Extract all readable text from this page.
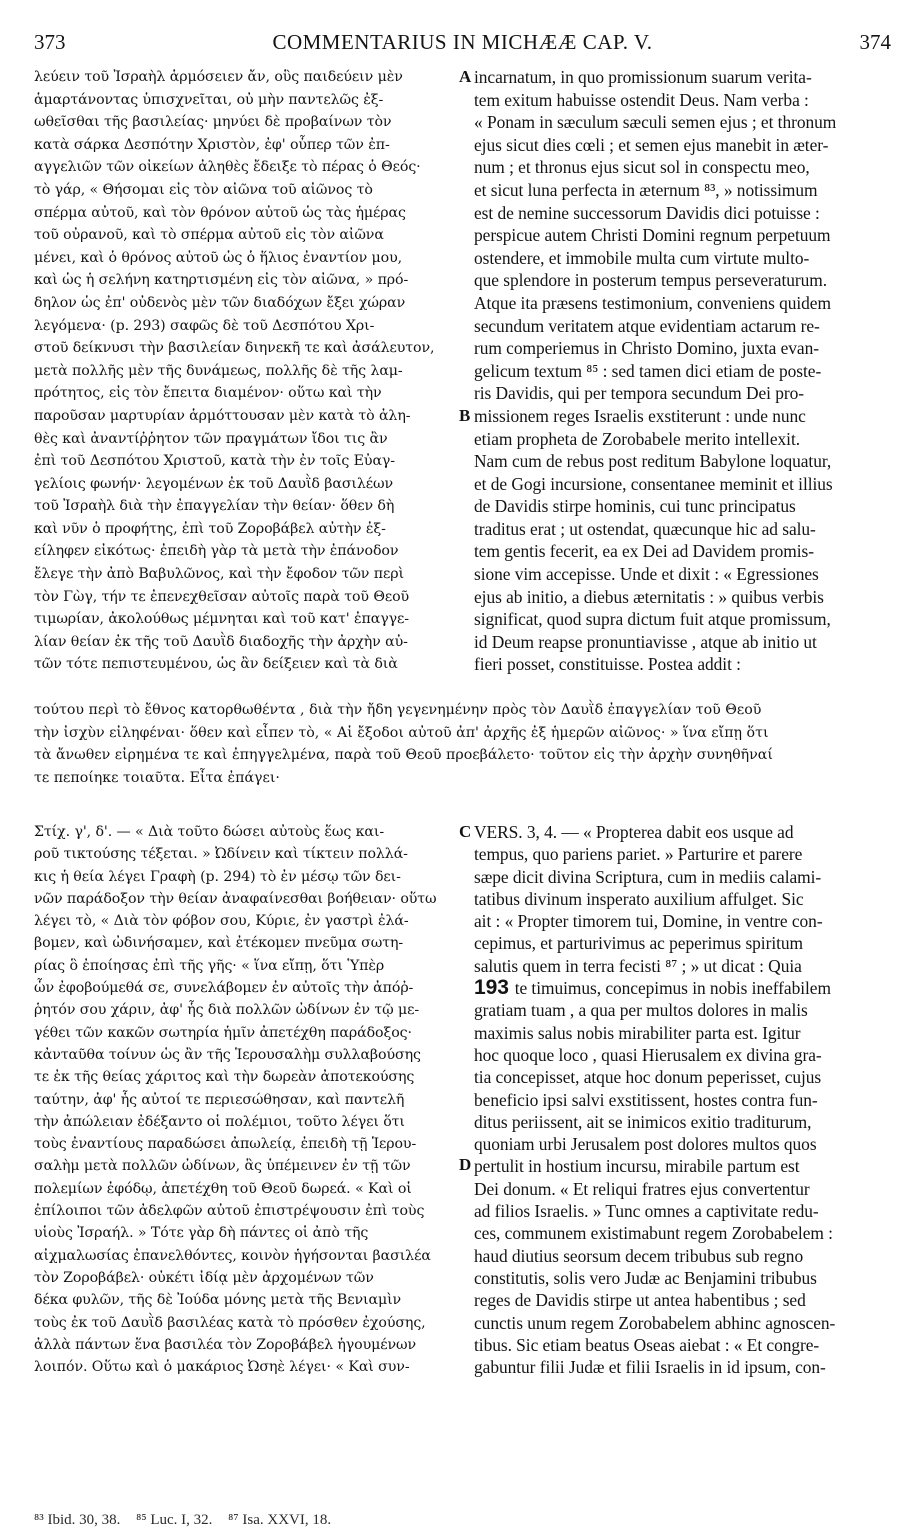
373	COMMENTARIUS IN MICHÆÆ CAP. V.	374
λεύειν τοῦ Ἰσραὴλ ἁρμόσειεν ἄν, οὓς παιδεύειν μὲν
ἁμαρτάνοντας ὑπισχνεῖται, οὐ μὴν παντελῶς ἐξ-
ωθεῖσθαι τῆς βασιλείας· μηνύει δὲ προβαίνων τὸν
κατὰ σάρκα Δεσπότην Χριστὸν, ἐφ' οὗπερ τῶν ἐπ-
αγγελιῶν τῶν οἰκείων ἀληθὲς ἔδειξε τὸ πέρας ὁ Θεός·
τὸ γάρ, « Θήσομαι εἰς τὸν αἰῶνα τοῦ αἰῶνος τὸ
σπέρμα αὐτοῦ, καὶ τὸν θρόνον αὐτοῦ ὡς τὰς ἡμέρας
τοῦ οὐρανοῦ, καὶ τὸ σπέρμα αὐτοῦ εἰς τὸν αἰῶνα
μένει, καὶ ὁ θρόνος αὐτοῦ ὡς ὁ ἥλιος ἐναντίον μου,
καὶ ὡς ἡ σελήνη κατηρτισμένη εἰς τὸν αἰῶνα, » πρό-
δηλον ὡς ἐπ' οὐδενὸς μὲν τῶν διαδόχων ἔξει χώραν
λεγόμενα· (p. 293) σαφῶς δὲ τοῦ Δεσπότου Χρι-
στοῦ δείκνυσι τὴν βασιλείαν διηνεκῆ τε καὶ ἀσάλευτον,
μετὰ πολλῆς μὲν τῆς δυνάμεως, πολλῆς δὲ τῆς λαμ-
πρότητος, εἰς τὸν ἔπειτα διαμένον· οὕτω καὶ τὴν
παροῦσαν μαρτυρίαν ἁρμόττουσαν μὲν κατὰ τὸ ἀλη-
θὲς καὶ ἀναντίῤῥητον τῶν πραγμάτων ἴδοι τις ἂν
ἐπὶ τοῦ Δεσπότου Χριστοῦ, κατὰ τὴν ἐν τοῖς Εὐαγ-
γελίοις φωνήν· λεγομένων ἐκ τοῦ Δαυῒδ βασιλέων
τοῦ Ἰσραὴλ διὰ τὴν ἐπαγγελίαν τὴν θείαν· ὅθεν δὴ
καὶ νῦν ὁ προφήτης, ἐπὶ τοῦ Ζοροβάβελ αὐτὴν ἐξ-
είληφεν εἰκότως· ἐπειδὴ γὰρ τὰ μετὰ τὴν ἐπάνοδον
ἔλεγε τὴν ἀπὸ Βαβυλῶνος, καὶ τὴν ἔφοδον τῶν περὶ
τὸν Γὼγ, τήν τε ἐπενεχθεῖσαν αὐτοῖς παρὰ τοῦ Θεοῦ
τιμωρίαν, ἀκολούθως μέμνηται καὶ τοῦ κατ' ἐπαγγε-
λίαν θείαν ἐκ τῆς τοῦ Δαυῒδ διαδοχῆς τὴν ἀρχὴν αὐ-
τῶν τότε πεπιστευμένου, ὡς ἂν δείξειεν καὶ τὰ διὰ
incarnatum, in quo promissionum suarum verita-
tem exitum habuisse ostendit Deus. Nam verba :
« Ponam in sæculum sæculi semen ejus ; et thronum
ejus sicut dies cœli ; et semen ejus manebit in æter-
num ; et thronus ejus sicut sol in conspectu meo,
et sicut luna perfecta in æternum ⁸³, » notissimum
est de nemine successorum Davidis dici potuisse :
perspicue autem Christi Domini regnum perpetuum
ostendere, et immobile multa cum virtute multo-
que splendore in posterum tempus perseveraturum.
Atque ita præsens testimonium, conveniens quidem
secundum veritatem atque evidentiam actarum re-
rum comperiemus in Christo Domino, juxta evan-
gelicum textum ⁸⁵ : sed tamen dici etiam de poste-
ris Davidis, qui per tempora secundum Dei pro-
missionem reges Israelis exstiterunt : unde nunc
etiam propheta de Zorobabele merito intellexit.
Nam cum de rebus post reditum Babylone loquatur,
et de Gogi incursione, consentanee meminit et illius
de Davidis stirpe hominis, cui tunc principatus
traditus erat ; ut ostendat, quæcunque hic ad salu-
tem gentis fecerit, ea ex Dei ad Davidem promis-
sione vim accepisse. Unde et dixit : « Egressiones
ejus ab initio, a diebus æternitatis : » quibus verbis
significat, quod supra dictum fuit atque promissum,
id Deum reapse pronuntiavisse , atque ab initio ut
fieri posset, constituisse. Postea addit :
τούτου περὶ τὸ ἔθνος κατορθωθέντα , διὰ τὴν ἤδη γεγενημένην πρὸς τὸν Δαυῒδ ἐπαγγελίαν τοῦ Θεοῦ
τὴν ἰσχὺν εἰληφέναι· ὅθεν καὶ εἶπεν τὸ, « Αἱ ἔξοδοι αὐτοῦ ἀπ' ἀρχῆς ἐξ ἡμερῶν αἰῶνος· » ἵνα εἴπῃ ὅτι
τὰ ἄνωθεν εἰρημένα τε καὶ ἐπηγγελμένα, παρὰ τοῦ Θεοῦ προεβάλετο· τοῦτον εἰς τὴν ἀρχὴν συνηθῆναί
τε πεποίηκε τοιαῦτα. Εἶτα ἐπάγει·
Στίχ. γ', δ'. — « Διὰ τοῦτο δώσει αὐτοὺς ἕως και-
ροῦ τικτούσης τέξεται. » Ὠδίνειν καὶ τίκτειν πολλά-
κις ἡ θεία λέγει Γραφὴ (p. 294) τὸ ἐν μέσῳ τῶν δει-
νῶν παράδοξον τὴν θείαν ἀναφαίνεσθαι βοήθειαν· οὕτω
λέγει τὸ, « Διὰ τὸν φόβον σου, Κύριε, ἐν γαστρὶ ἐλά-
βομεν, καὶ ὠδινήσαμεν, καὶ ἐτέκομεν πνεῦμα σωτη-
ρίας ὃ ἐποίησας ἐπὶ τῆς γῆς· « ἵνα εἴπῃ, ὅτι Ὑπὲρ
ὧν ἐφοβούμεθά σε, συνελάβομεν ἐν αὐτοῖς τὴν ἀπόῤ-
ῥητόν σου χάριν, ἀφ' ἧς διὰ πολλῶν ὠδίνων ἐν τῷ με-
γέθει τῶν κακῶν σωτηρία ἡμῖν ἀπετέχθη παράδοξος·
κἀνταῦθα τοίνυν ὡς ἂν τῆς Ἱερουσαλὴμ συλλαβούσης
τε ἐκ τῆς θείας χάριτος καὶ τὴν δωρεὰν ἀποτεκούσης
ταύτην, ἀφ' ἧς αὐτοί τε περιεσώθησαν, καὶ παντελῆ
τὴν ἀπώλειαν ἐδέξαντο οἱ πολέμιοι, τοῦτο λέγει ὅτι
τοὺς ἐναντίους παραδώσει ἀπωλείᾳ, ἐπειδὴ τῇ Ἱερου-
σαλὴμ μετὰ πολλῶν ὠδίνων, ἃς ὑπέμεινεν ἐν τῇ τῶν
πολεμίων ἐφόδῳ, ἀπετέχθη τοῦ Θεοῦ δωρεά. « Καὶ οἱ
ἐπίλοιποι τῶν ἀδελφῶν αὐτοῦ ἐπιστρέψουσιν ἐπὶ τοὺς
υἱοὺς Ἰσραήλ. » Τότε γὰρ δὴ πάντες οἱ ἀπὸ τῆς
αἰχμαλωσίας ἐπανελθόντες, κοινὸν ἡγήσονται βασιλέα
τὸν Ζοροβάβελ· οὐκέτι ἰδίᾳ μὲν ἀρχομένων τῶν
δέκα φυλῶν, τῆς δὲ Ἰούδα μόνης μετὰ τῆς Βενιαμὶν
τοὺς ἐκ τοῦ Δαυῒδ βασιλέας κατὰ τὸ πρόσθεν ἐχούσης,
ἀλλὰ πάντων ἕνα βασιλέα τὸν Ζοροβάβελ ἡγουμένων
λοιπόν. Οὕτω καὶ ὁ μακάριος Ὠσηὲ λέγει· « Καὶ συν-
VERS. 3, 4. — « Propterea dabit eos usque ad
tempus, quo pariens pariet. » Parturire et parere
sæpe dicit divina Scriptura, cum in mediis calami-
tatibus divinum insperato auxilium affulget. Sic
ait : « Propter timorem tui, Domine, in ventre con-
cepimus, et parturivimus ac peperimus spiritum
salutis quem in terra fecisti ⁸⁷ ; » ut dicat : Quia
193 te timuimus, concepimus in nobis ineffabilem
gratiam tuam , a qua per multos dolores in malis
maximis salus nobis mirabiliter parta est. Igitur
hoc quoque loco , quasi Hierusalem ex divina gra-
tia concepisset, atque hoc donum peperisset, cujus
beneficio ipsi salvi exstitissent, hostes contra fun-
ditus periissent, ait se inimicos exitio traditurum,
quoniam urbi Jerusalem post dolores multos quos
pertulit in hostium incursu, mirabile partum est
Dei donum. « Et reliqui fratres ejus convertentur
ad filios Israelis. » Tunc omnes a captivitate redu-
ces, communem existimabunt regem Zorobabelem :
haud diutius seorsum decem tribubus sub regno
constitutis, solis vero Judæ ac Benjamini tribubus
reges de Davidis stirpe ut antea habentibus ; sed
cunctis unum regem Zorobabelem abhinc agnoscen-
tibus. Sic etiam beatus Oseas aiebat : « Et congre-
gabuntur filii Judæ et filii Israelis in id ipsum, con-
A
B
C
D
⁸³ Ibid. 30, 38. ⁸⁵ Luc. I, 32. ⁸⁷ Isa. XXVI, 18.
